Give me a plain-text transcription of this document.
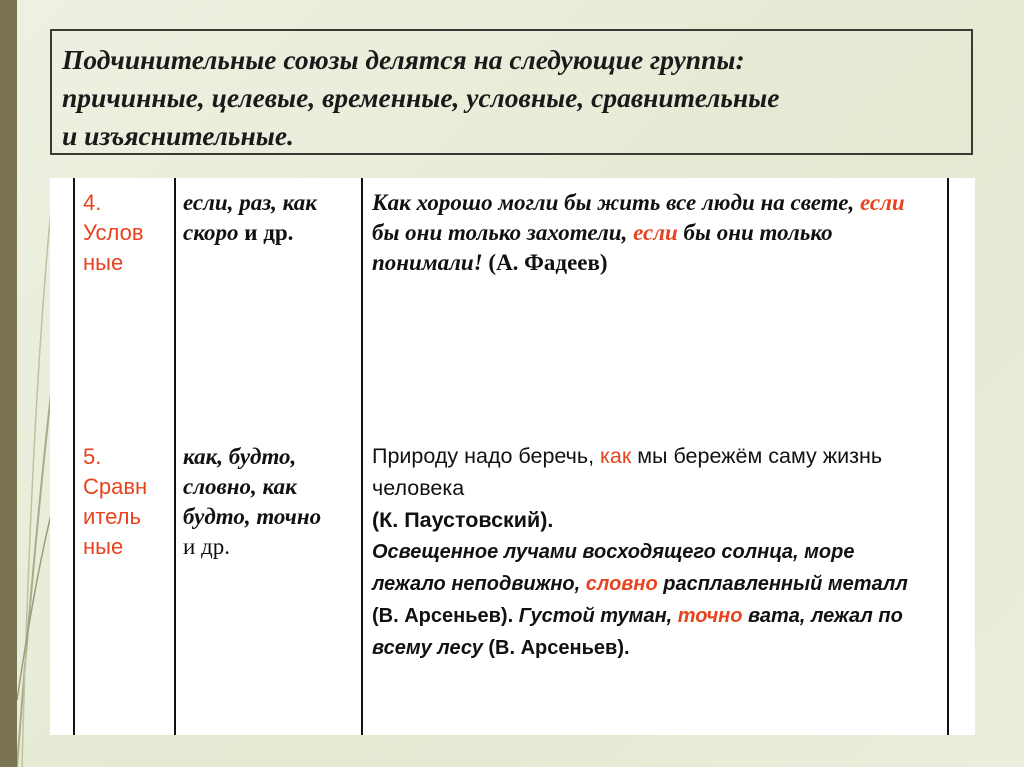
Подчинительные союзы делятся на следующие группы:
причинные, целевые, временные, условные, сравнительные
и изъяснительные.
4.
Услов
ные
если, раз, как скоро и др.
Как хорошо могли бы жить все люди на свете, если бы они только захотели, если бы они только понимали! (А. Фадеев)
5.
Сравн
итель
ные
как, будто, словно, как будто, точно и др.
Природу надо беречь, как мы бережём саму жизнь человека
(К. Паустовский).
Освещенное лучами восходящего солнца, море лежало неподвижно, словно расплавленный металл (В. Арсеньев). Густой туман, точно вата, лежал по всему лесу (В. Арсеньев).
